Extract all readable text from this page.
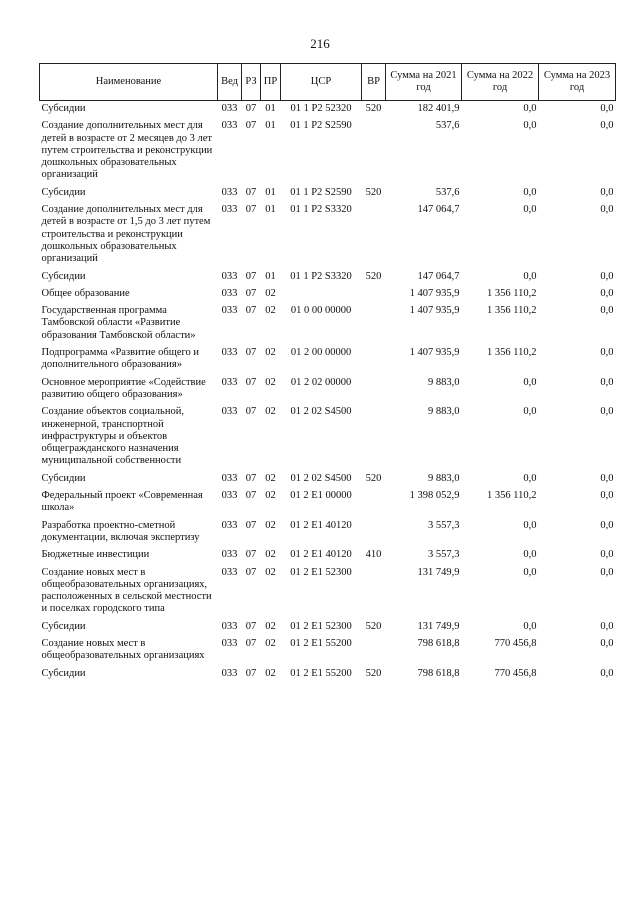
216
Наименование	Вед	РЗ	ПР	ЦСР	ВР	Сумма на 2021 год	Сумма на 2022 год	Сумма на 2023 год
Субсидии	033	07	01	01 1 P2 52320	520	182 401,9	0,0	0,0
Создание дополнительных мест для детей в возрасте от 2 месяцев до 3 лет путем строительства и реконструкции дошкольных образовательных организаций	033	07	01	01 1 P2 S2590		537,6	0,0	0,0
Субсидии	033	07	01	01 1 P2 S2590	520	537,6	0,0	0,0
Создание дополнительных мест для детей в возрасте от 1,5 до 3 лет путем строительства и реконструкции дошкольных образовательных организаций	033	07	01	01 1 P2 S3320		147 064,7	0,0	0,0
Субсидии	033	07	01	01 1 P2 S3320	520	147 064,7	0,0	0,0
Общее образование	033	07	02			1 407 935,9	1 356 110,2	0,0
Государственная программа Тамбовской области «Развитие образования Тамбовской области»	033	07	02	01 0 00 00000		1 407 935,9	1 356 110,2	0,0
Подпрограмма «Развитие общего и дополнительного образования»	033	07	02	01 2 00 00000		1 407 935,9	1 356 110,2	0,0
Основное мероприятие «Содействие развитию общего образования»	033	07	02	01 2 02 00000		9 883,0	0,0	0,0
Создание объектов социальной, инженерной, транспортной инфраструктуры и объектов общегражданского назначения муниципальной собственности	033	07	02	01 2 02 S4500		9 883,0	0,0	0,0
Субсидии	033	07	02	01 2 02 S4500	520	9 883,0	0,0	0,0
Федеральный проект «Современная школа»	033	07	02	01 2 E1 00000		1 398 052,9	1 356 110,2	0,0
Разработка проектно-сметной документации, включая экспертизу	033	07	02	01 2 E1 40120		3 557,3	0,0	0,0
Бюджетные инвестиции	033	07	02	01 2 E1 40120	410	3 557,3	0,0	0,0
Создание новых мест в общеобразовательных организациях, расположенных в сельской местности и поселках городского типа	033	07	02	01 2 E1 52300		131 749,9	0,0	0,0
Субсидии	033	07	02	01 2 E1 52300	520	131 749,9	0,0	0,0
Создание новых мест в общеобразовательных организациях	033	07	02	01 2 E1 55200		798 618,8	770 456,8	0,0
Субсидии	033	07	02	01 2 E1 55200	520	798 618,8	770 456,8	0,0
